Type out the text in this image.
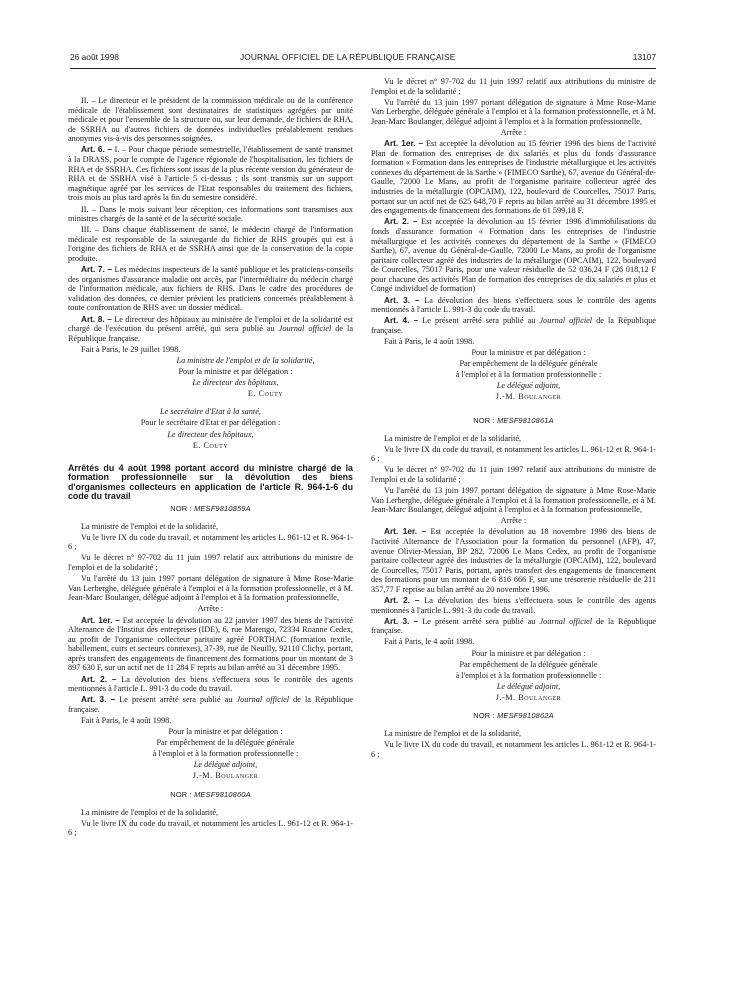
26 août 1998	JOURNAL OFFICIEL DE LA RÉPUBLIQUE FRANÇAISE	13107

II. – Le directeur et le président de la commission médicale ou de la conférence médicale de l'établissement sont destinataires de statistiques agrégées par unité médicale et pour l'ensemble de la structure ou, sur leur demande, de fichiers de RHA, de SSRHA ou d'autres fichiers de données individuelles préalablement rendues anonymes vis-à-vis des personnes soignées.

Art. 6. – I. – Pour chaque période semestrielle, l'établissement de santé transmet à la DRASS, pour le compte de l'agence régionale de l'hospitalisation, les fichiers de RHA et de SSRHA. Ces fichiers sont issus de la plus récente version du générateur de RHA et de SSRHA visé à l'article 5 ci-dessus ; ils sont transmis sur un support magnétique agréé par les services de l'Etat responsables du traitement des fichiers, trois mois au plus tard après la fin du semestre considéré.

II. – Dans le mois suivant leur réception, ces informations sont transmises aux ministres chargés de la santé et de la sécurité sociale.

III. – Dans chaque établissement de santé, le médecin chargé de l'information médicale est responsable de la sauvegarde du fichier de RHS groupés qui est à l'origine des fichiers de RHA et de SSRHA ainsi que de la conservation de la copie produite.

Art. 7. – Les médecins inspecteurs de la santé publique et les praticiens-conseils des organismes d'assurance maladie ont accès, par l'intermédiaire du médecin chargé de l'information médicale, aux fichiers de RHS. Dans le cadre des procédures de validation des données, ce dernier prévient les praticiens concernés préalablement à toute confrontation de RHS avec un dossier médical.

Art. 8. – Le directeur des hôpitaux au ministère de l'emploi et de la solidarité est chargé de l'exécution du présent arrêté, qui sera publié au Journal officiel de la République française.

Fait à Paris, le 29 juillet 1998.

La ministre de l'emploi et de la solidarité,

Pour la ministre et par délégation :

Le directeur des hôpitaux,

E. Couty

Le secrétaire d'Etat à la santé,

Pour le secrétaire d'Etat et par délégation :

Le directeur des hôpitaux,

E. Couty

Arrêtés du 4 août 1998 portant accord du ministre chargé de la formation professionnelle sur la dévolution des biens d'organismes collecteurs en application de l'article R. 964-1-6 du code du travail

NOR : MESF9810859A

La ministre de l'emploi et de la solidarité,

Vu le livre IX du code du travail, et notamment les articles L. 961-12 et R. 964-1-6 ;

Vu le décret n° 97-702 du 11 juin 1997 relatif aux attributions du ministre de l'emploi et de la solidarité ;

Vu l'arrêté du 13 juin 1997 portant délégation de signature à Mme Rose-Marie Van Lerberghe, déléguée générale à l'emploi et à la formation professionnelle, et à M. Jean-Marc Boulanger, délégué adjoint à l'emploi et à la formation professionnelle,

Arrête :

Art. 1er. – Est acceptée la dévolution au 22 janvier 1997 des biens de l'activité Alternance de l'Institut des entreprises (IDE), 6, rue Marengo, 72334 Roanne Cedex, au profit de l'organisme collecteur paritaire agréé FORTHAC (formation textile, habillement, cuirs et secteurs connexes), 37-39, rue de Neuilly, 92110 Clichy, portant, après transfert des engagements de financement des formations pour un montant de 3 897 630 F, sur un actif net de 11 284 F repris au bilan arrêté au 31 décembre 1995.

Art. 2. – La dévolution des biens s'effectuera sous le contrôle des agents mentionnés à l'article L. 991-3 du code du travail.

Art. 3. – Le présent arrêté sera publié au Journal officiel de la République française.

Fait à Paris, le 4 août 1998.

Pour la ministre et par délégation :

Par empêchement de la déléguée générale

à l'emploi et à la formation professionnelle :

Le délégué adjoint,

J.-M. Boulanger

NOR : MESF9810860A

La ministre de l'emploi et de la solidarité,

Vu le livre IX du code du travail, et notamment les articles L. 961-12 et R. 964-1-6 ;

Vu le décret n° 97-702 du 11 juin 1997 relatif aux attributions du ministre de l'emploi et de la solidarité ;

Vu l'arrêté du 13 juin 1997 portant délégation de signature à Mme Rose-Marie Van Lerberghe, déléguée générale à l'emploi et à la formation professionnelle, et à M. Jean-Marc Boulanger, délégué adjoint à l'emploi et à la formation professionnelle,

Arrête :

Art. 1er. – Est acceptée la dévolution au 15 février 1996 des biens de l'activité Plan de formation des entreprises de dix salariés et plus du fonds d'assurance formation « Formation dans les entreprises de l'industrie métallurgique et les activités connexes du département de la Sarthe » (FIMECO Sarthe), 67, avenue du Général-de-Gaulle, 72000 Le Mans, au profit de l'organisme paritaire collecteur agréé des industries de la métallurgie (OPCAIM), 122, boulevard de Courcelles, 75017 Paris, portant sur un actif net de 625 648,70 F repris au bilan arrêté au 31 décembre 1995 et des engagements de financement des formations de 61 599,18 F.

Art. 2. – Est acceptée la dévolution au 15 février 1996 d'immobilisations du fonds d'assurance formation « Formation dans les entreprises de l'industrie métallurgique et les activités connexes du département de la Sarthe » (FIMECO Sarthe), 67, avenue du Général-de-Gaulle, 72000 Le Mans, au profit de l'organisme paritaire collecteur agréé des industries de la métallurgie (OPCAIM), 122, boulevard de Courcelles, 75017 Paris, pour une valeur résiduelle de 52 036,24 F (26 018,12 F pour chacune des activités Plan de formation des entreprises de dix salariés et plus et Congé individuel de formation)

Art. 3. – La dévolution des biens s'effectuera sous le contrôle des agents mentionnés à l'article L. 991-3 du code du travail.

Art. 4. – Le présent arrêté sera publié au Journal officiel de la République française.

Fait à Paris, le 4 août 1998.

Pour la ministre et par délégation :

Par empêchement de la déléguée générale

à l'emploi et à la formation professionnelle :

Le délégué adjoint,

J.-M. Boulanger

NOR : MESF9810861A

La ministre de l'emploi et de la solidarité,

Vu le livre IX du code du travail, et notamment les articles L. 961-12 et R. 964-1-6 ;

Vu le décret n° 97-702 du 11 juin 1997 relatif aux attributions du ministre de l'emploi et de la solidarité ;

Vu l'arrêté du 13 juin 1997 portant délégation de signature à Mme Rose-Marie Van Lerberghe, déléguée générale à l'emploi et à la formation professionnelle, et à M. Jean-Marc Boulanger, délégué adjoint à l'emploi et à la formation professionnelle,

Arrête :

Art. 1er. – Est acceptée la dévolution au 18 novembre 1996 des biens de l'activité Alternance de l'Association pour la formation du personnel (AFP), 47, avenue Olivier-Messian, BP 282, 72006 Le Mans Cedex, au profit de l'organisme paritaire collecteur agréé des industries de la métallurgie (OPCAIM), 122, boulevard de Courcelles, 75017 Paris, portant, après transfert des engagements de financement des formations pour un montant de 6 816 666 F, sur une trésorerie résiduelle de 211 357,77 F reprise au bilan arrêté au 20 novembre 1996.

Art. 2. – La dévolution des biens s'effectuera sous le contrôle des agents mentionnés à l'article L. 991-3 du code du travail.

Art. 3. – Le présent arrêté sera publié au Journal officiel de la République française.

Fait à Paris, le 4 août 1998.

Pour la ministre et par délégation :

Par empêchement de la déléguée générale

à l'emploi et à la formation professionnelle :

Le délégué adjoint,

J.-M. Boulanger

NOR : MESF9810862A

La ministre de l'emploi et de la solidarité,

Vu le livre IX du code du travail, et notamment les articles L. 961-12 et R. 964-1-6 ;
